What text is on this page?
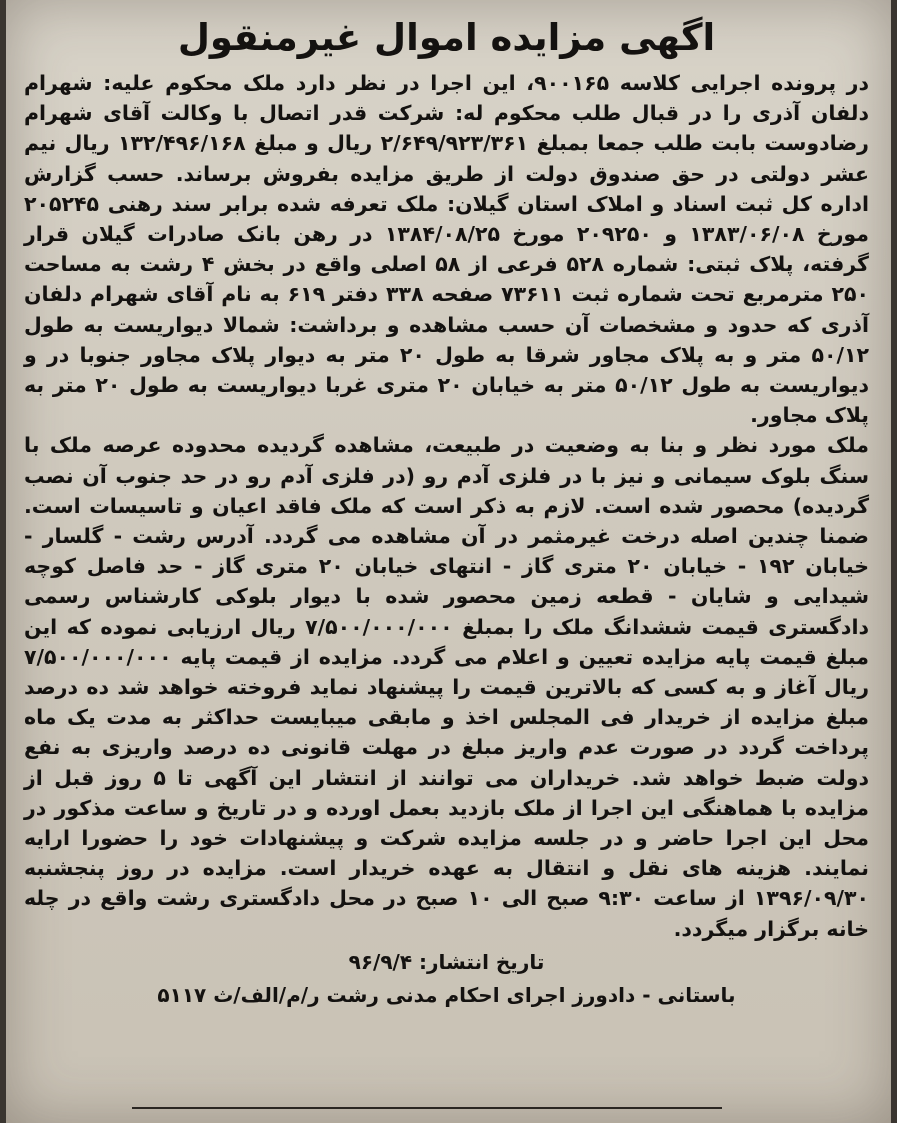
اگهی مزایده اموال غیرمنقول

در پرونده اجرایی کلاسه ۹۰۰۱۶۵، این اجرا در نظر دارد ملک محکوم علیه: شهرام دلفان آذری را در قبال طلب محکوم له: شرکت قدر اتصال با وکالت آقای شهرام رضادوست بابت طلب جمعا بمبلغ ۲/۶۴۹/۹۲۳/۳۶۱ ریال و مبلغ ۱۳۲/۴۹۶/۱۶۸ ریال نیم عشر دولتی در حق صندوق دولت از طریق مزایده بفروش برساند. حسب گزارش اداره کل ثبت اسناد و املاک استان گیلان: ملک تعرفه شده برابر سند رهنی ۲۰۵۲۴۵ مورخ ۱۳۸۳/۰۶/۰۸ و ۲۰۹۲۵۰ مورخ ۱۳۸۴/۰۸/۲۵ در رهن بانک صادرات گیلان قرار گرفته، پلاک ثبتی: شماره ۵۲۸ فرعی از ۵۸ اصلی واقع در بخش ۴ رشت به مساحت ۲۵۰ مترمربع تحت شماره ثبت ۷۳۶۱۱ صفحه ۳۳۸ دفتر ۶۱۹ به نام آقای شهرام دلفان آذری که حدود و مشخصات آن حسب مشاهده و برداشت: شمالا دیواریست به طول ۵۰/۱۲ متر و به پلاک مجاور شرقا به طول ۲۰ متر به دیوار پلاک مجاور جنوبا در و دیواریست به طول ۵۰/۱۲ متر به خیابان ۲۰ متری غربا دیواریست به طول ۲۰ متر به پلاک مجاور.

ملک مورد نظر و بنا به وضعیت در طبیعت، مشاهده گردیده محدوده عرصه ملک با سنگ بلوک سیمانی و نیز با در فلزی آدم رو (در فلزی آدم رو در حد جنوب آن نصب گردیده) محصور شده است. لازم به ذکر است که ملک فاقد اعیان و تاسیسات است. ضمنا چندین اصله درخت غیرمثمر در آن مشاهده می گردد. آدرس رشت - گلسار - خیابان ۱۹۲ - خیابان ۲۰ متری گاز - انتهای خیابان ۲۰ متری گاز - حد فاصل کوچه شیدایی و شایان - قطعه زمین محصور شده با دیوار بلوکی کارشناس رسمی دادگستری قیمت ششدانگ ملک را بمبلغ ۷/۵۰۰/۰۰۰/۰۰۰ ریال ارزیابی نموده که این مبلغ قیمت پایه مزایده تعیین و اعلام می گردد. مزایده از قیمت پایه ۷/۵۰۰/۰۰۰/۰۰۰ ریال آغاز و به کسی که بالاترین قیمت را پیشنهاد نماید فروخته خواهد شد ده درصد مبلغ مزایده از خریدار فی المجلس اخذ و مابقی میبایست حداکثر به مدت یک ماه پرداخت گردد در صورت عدم واریز مبلغ در مهلت قانونی ده درصد واریزی به نفع دولت ضبط خواهد شد. خریداران می توانند از انتشار این آگهی تا ۵ روز قبل از مزایده با هماهنگی این اجرا از ملک بازدید بعمل اورده و در تاریخ و ساعت مذکور در محل این اجرا حاضر و در جلسه مزایده شرکت و پیشنهادات خود را حضورا ارایه نمایند. هزینه های نقل و انتقال به عهده خریدار است. مزایده در روز پنجشنبه ۱۳۹۶/۰۹/۳۰ از ساعت ۹:۳۰ صبح الی ۱۰ صبح در محل دادگستری رشت واقع در چله خانه برگزار میگردد.

تاریخ انتشار: ۹۶/۹/۴
باستانی - دادورز اجرای احکام مدنی رشت ر/م/الف/ث ۵۱۱۷
